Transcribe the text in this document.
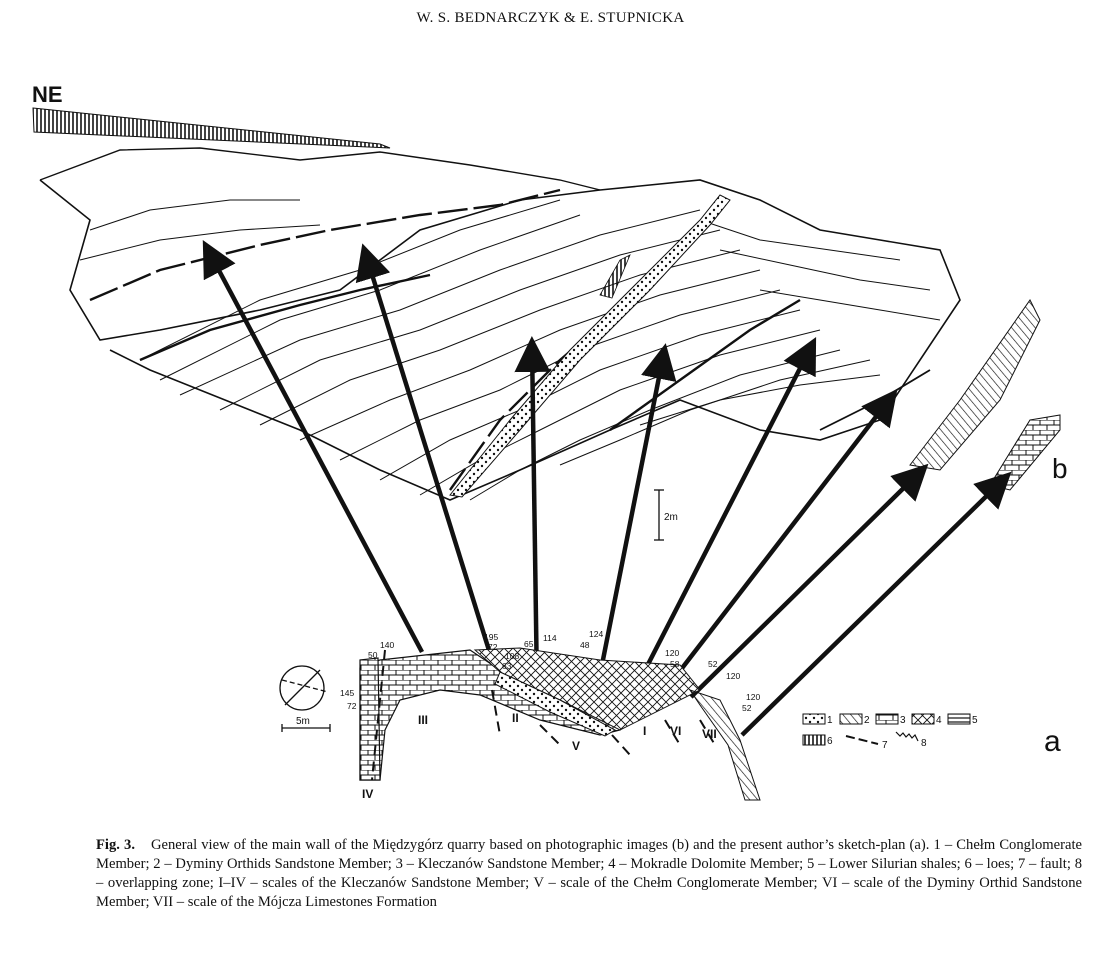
W. S. BEDNARCZYK & E. STUPNICKA
NE
b
2m
5m
I
II
III
IV
V
VI VII
140
50
145
72
195
72
108
63
65
114	124
48
120
58	52
120
120
52
a
1	2	3	4	5
6	7	8
Fig. 3. General view of the main wall of the Międzygórz quarry based on photographic images (b) and the present author’s sketch-plan (a). 1 – Chełm Conglomerate Member; 2 – Dyminy Orthids Sandstone Member; 3 – Kleczanów Sandstone Member; 4 – Mokradle Dolomite Member; 5 – Lower Silurian shales; 6 – loes; 7 – fault; 8 – overlapping zone; I–IV – scales of the Kleczanów Sandstone Member; V – scale of the Chełm Conglomerate Member; VI – scale of the Dyminy Orthid Sandstone Member; VII – scale of the Mójcza Limestones Formation
